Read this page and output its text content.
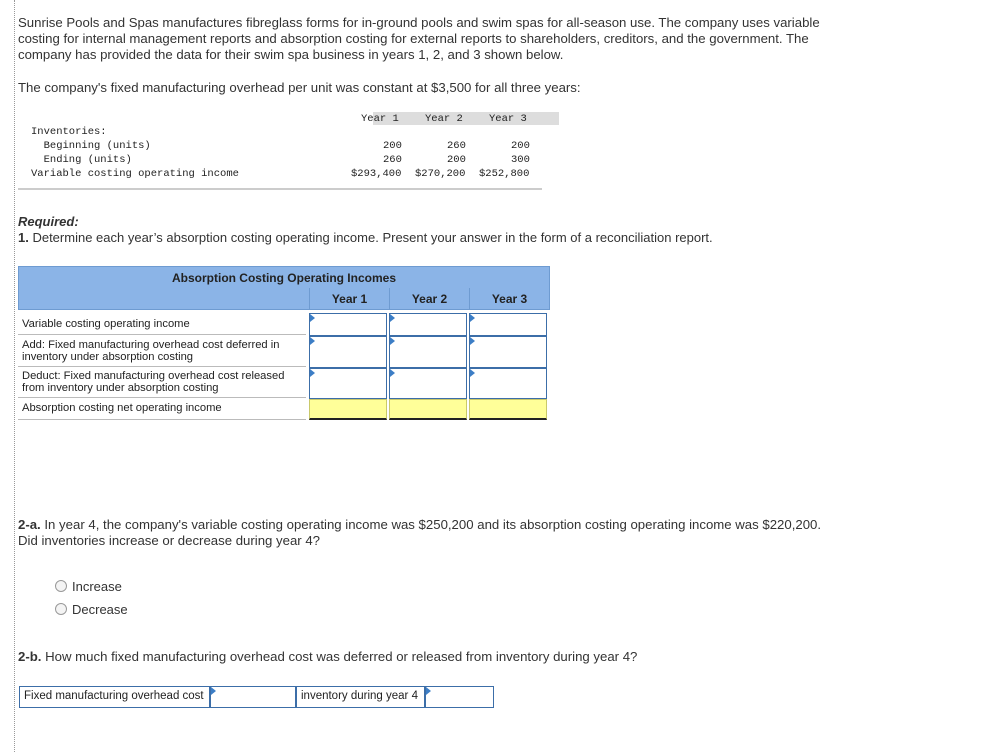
Sunrise Pools and Spas manufactures fibreglass forms for in-ground pools and swim spas for all-season use. The company uses variable costing for internal management reports and absorption costing for external reports to shareholders, creditors, and the government. The company has provided the data for their swim spa business in years 1, 2, and 3 shown below.
The company's fixed manufacturing overhead per unit was constant at $3,500 for all three years:
Year 1 Year 2 Year 3
Inventories:
Beginning (units)	200	260	200
Ending (units)	260	200	300
Variable costing operating income	$293,400 $270,200 $252,800
Required:
1. Determine each year’s absorption costing operating income. Present your answer in the form of a reconciliation report.
Absorption Costing Operating Incomes
Year 1	Year 2	Year 3
Variable costing operating income
Add: Fixed manufacturing overhead cost deferred in inventory under absorption costing
Deduct: Fixed manufacturing overhead cost released from inventory under absorption costing
Absorption costing net operating income
2-a. In year 4, the company's variable costing operating income was $250,200 and its absorption costing operating income was $220,200. Did inventories increase or decrease during year 4?
Increase
Decrease
2-b. How much fixed manufacturing overhead cost was deferred or released from inventory during year 4?
Fixed manufacturing overhead cost	inventory during year 4
